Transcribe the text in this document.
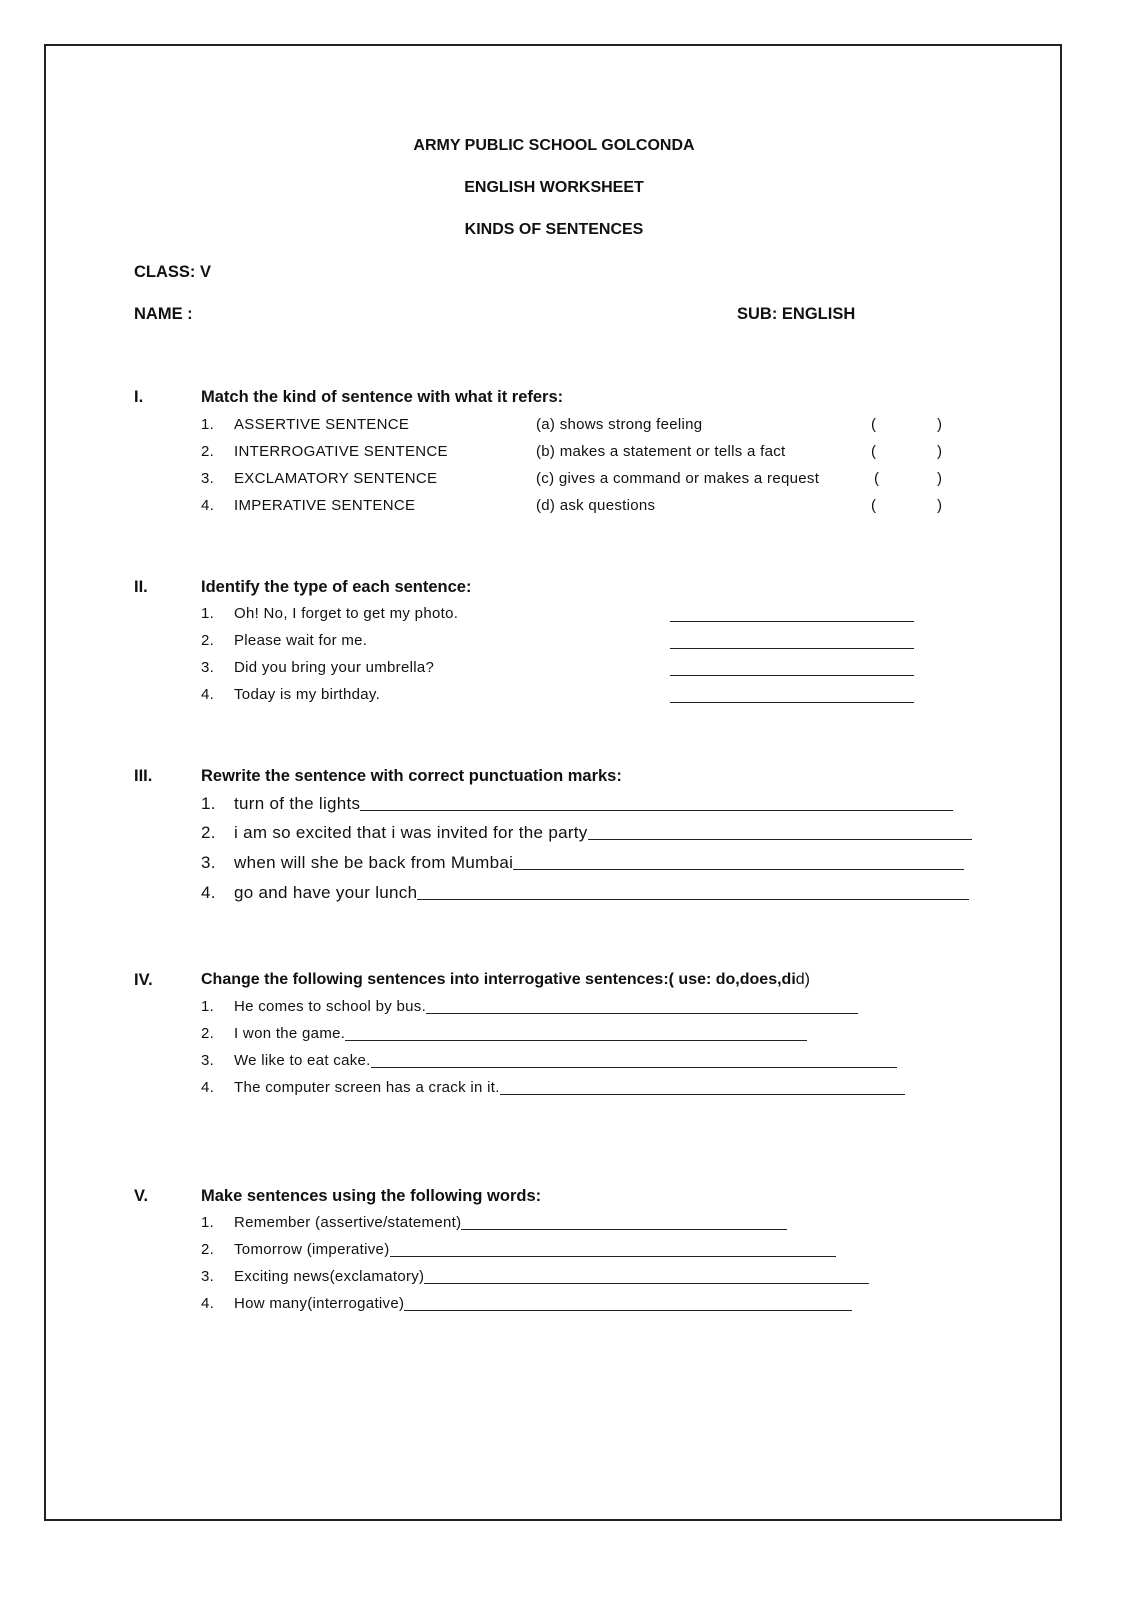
ARMY PUBLIC SCHOOL GOLCONDA
ENGLISH WORKSHEET
KINDS OF SENTENCES
CLASS: V
NAME :	SUB: ENGLISH
I.	Match the kind of sentence with what it refers:
1. ASSERTIVE SENTENCE	(a) shows strong feeling	(	)
2. INTERROGATIVE SENTENCE	(b) makes a statement or tells a fact	(	)
3. EXCLAMATORY SENTENCE	(c) gives a command or makes a request	(	)
4. IMPERATIVE SENTENCE	(d) ask questions	(	)
II.	Identify the type of each sentence:
1.	Oh! No, I forget to get my photo.
2.	Please wait for me.
3.	Did you bring your umbrella?
4.	Today is my birthday.
III.	Rewrite the sentence with correct punctuation marks:
1.	turn of the lights
2.	i am so excited that i was invited for the party
3.	when will she be back from Mumbai
4.	go and have your lunch
IV.	Change the following sentences into interrogative sentences:( use: do,does,did)
1.	He comes to school by bus.
2.	I won the game.
3.	We like to eat cake.
4.	The computer screen has a crack in it.
V.	Make sentences using the following words:
1.	Remember (assertive/statement)
2.	Tomorrow (imperative)
3.	Exciting news(exclamatory)
4.	How many(interrogative)
